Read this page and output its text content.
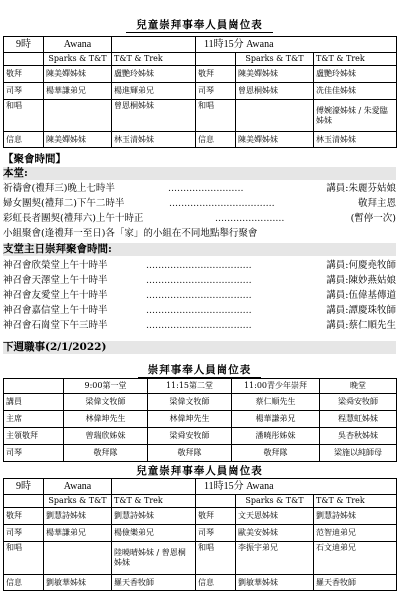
兒童崇拜事奉人員崗位表
9時	Awana		11時15分 Awana		
	Sparks & T&T	T&T & Trek		Sparks & T&T	T&T & Trek
敬拜	陳美嬋姊妹	盧艷玲姊妹	敬拜	陳美嬋姊妹	盧艷玲姊妹
司琴	楊華謙弟兄	楊進輝弟兄	司琴	曾恩桐姊妹	冼佳佳姊妹
和唱		曾恩桐姊妹	和唱		傅婉濠姊妹 / 朱愛臨姊妹
信息	陳美嬋姊妹	林玉清姊妹	信息	陳美嬋姊妹	林玉清姊妹
【聚會時間】
本堂:
祈禱會(禮拜三)晚上七時半	.........................	講員:朱麗芬姑娘
婦女團契(禮拜二)下午二時半	...................................	敬拜主恩
彩虹長者團契(禮拜六)上午十時正	.......................	(暫停一次)
小組聚會(逢禮拜一至日)各「家」的小組在不同地點舉行聚會
支堂主日崇拜聚會時間:
神召會欣榮堂上午十時半	...................................	講員:何慶堯牧師
神召會天澤堂上午十時半	...................................	講員:陳妙燕姑娘
神召會友愛堂上午十時半	...................................	講員:伍偉基傳道
神召會嘉信堂上午十時半	...................................	講員:譚慶珠牧師
神召會石崗堂下午三時半	...................................	講員:蔡仁順先生
下週職事(2/1/2022)
崇拜事奉人員崗位表
	9:00第一堂	11:15第二堂	11:00青少年崇拜	晚堂
講員	梁偉文牧師	梁偉文牧師	蔡仁順先生	梁舜安牧師
主席	林偉坤先生	林偉坤先生	楊華謙弟兄	程慧虹姊妹
主領敬拜	曾瑞欣姊妹	梁舜安牧師	潘曉彤姊妹	吳杏秋姊妹
司琴	敬拜隊	敬拜隊	敬拜隊	梁施以純師母
兒童崇拜事奉人員崗位表
9時	Awana		11時15分 Awana		
	Sparks & T&T	T&T & Trek		Sparks & T&T	T&T & Trek
敬拜	劉慧詩姊妹	劉慧詩姊妹	敬拜	文天恩姊妹	劉慧詩姊妹
司琴	楊華謙弟兄	楊儉樂弟兄	司琴	歐美安姊妹	范智迪弟兄
和唱		陸曉晴姊妹 / 曾恩桐姊妹	和唱	李振宇弟兄	石文迪弟兄
信息	劉敏華姊妹	羅天香牧師	信息	劉敏華姊妹	羅天香牧師
